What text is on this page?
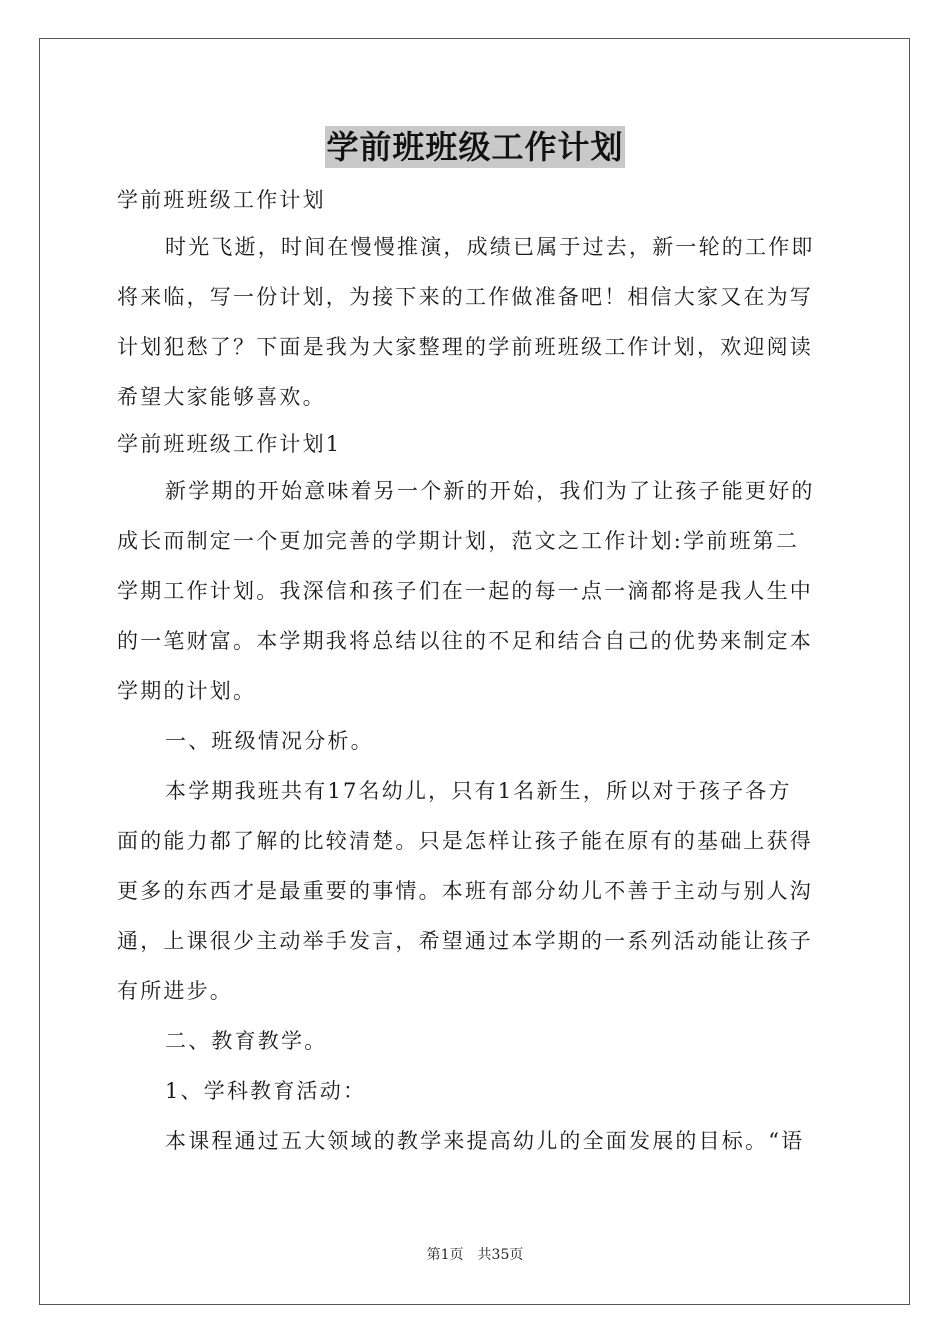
学前班班级工作计划
学前班班级工作计划
时光飞逝，时间在慢慢推演，成绩已属于过去，新一轮的工作即
将来临，写一份计划，为接下来的工作做准备吧！相信大家又在为写
计划犯愁了？下面是我为大家整理的学前班班级工作计划，欢迎阅读
希望大家能够喜欢。
学前班班级工作计划1
新学期的开始意味着另一个新的开始，我们为了让孩子能更好的
成长而制定一个更加完善的学期计划，范文之工作计划:学前班第二
学期工作计划。我深信和孩子们在一起的每一点一滴都将是我人生中
的一笔财富。本学期我将总结以往的不足和结合自己的优势来制定本
学期的计划。
一、班级情况分析。
本学期我班共有17名幼儿，只有1名新生，所以对于孩子各方
面的能力都了解的比较清楚。只是怎样让孩子能在原有的基础上获得
更多的东西才是最重要的事情。本班有部分幼儿不善于主动与别人沟
通，上课很少主动举手发言，希望通过本学期的一系列活动能让孩子
有所进步。
二、教育教学。
1、学科教育活动：
本课程通过五大领域的教学来提高幼儿的全面发展的目标。“语
第1页 共35页
